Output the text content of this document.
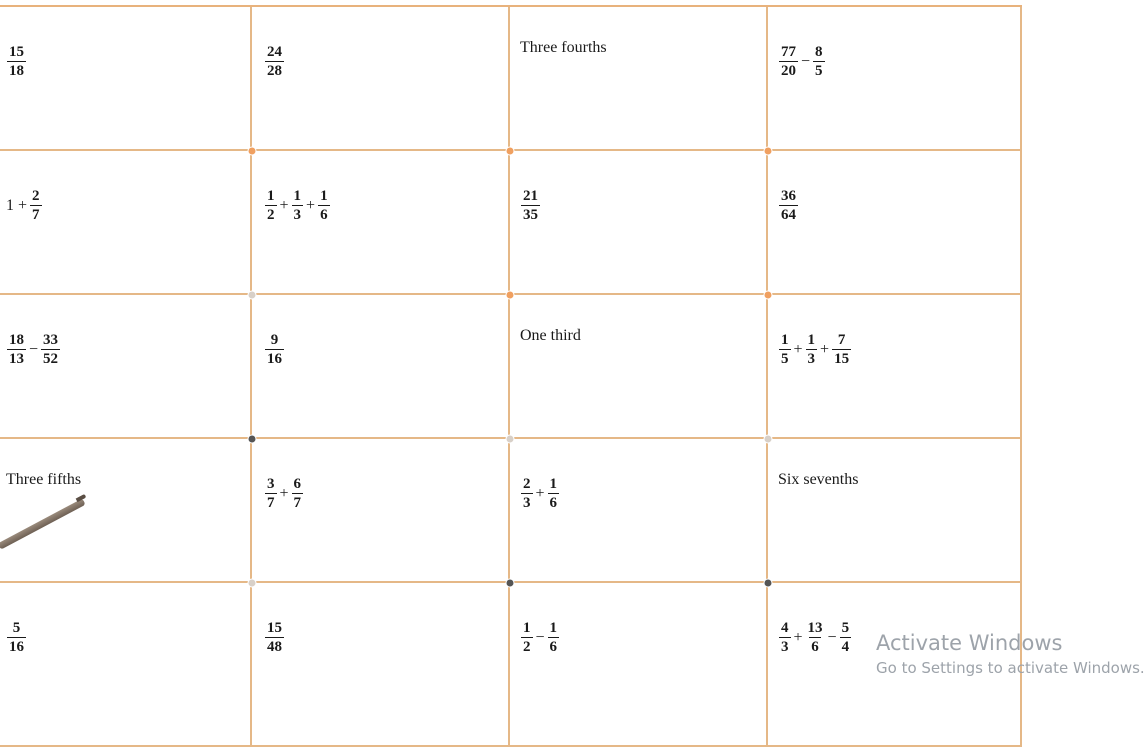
$\frac{15}{18}$	$\frac{24}{28}$	Three fourths	$\frac{77}{20} - \frac{8}{5}$
$1 + \frac{2}{7}$	$\frac{1}{2} + \frac{1}{3} + \frac{1}{6}$	$\frac{21}{35}$	$\frac{36}{64}$
$\frac{18}{13} - \frac{33}{52}$	$\frac{9}{16}$	One third	$\frac{1}{5} + \frac{1}{3} + \frac{7}{15}$
Three fifths	$\frac{3}{7} + \frac{6}{7}$	$\frac{2}{3} + \frac{1}{6}$	Six sevenths
$\frac{5}{16}$	$\frac{15}{48}$	$\frac{1}{2} - \frac{1}{6}$	$\frac{4}{3} + \frac{13}{6} - \frac{5}{4}$ Activate Windows
Go to Settings to activate Windows.
